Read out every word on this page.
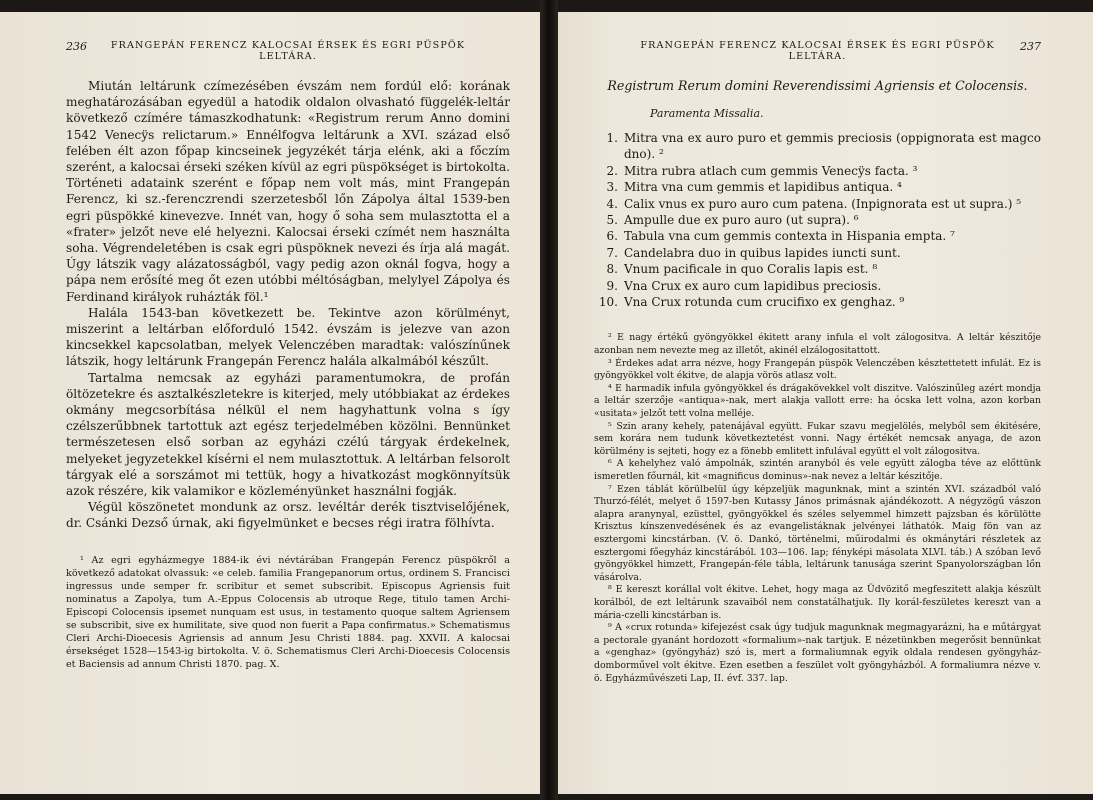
236	FRANGEPÁN FERENCZ KALOCSAI ÉRSEK ÉS EGRI PÜSPÖK LELTÁRA.

Miután leltárunk czímezésében évszám nem fordúl elő: korának meghatározásában egyedül a hatodik oldalon olvasható függelék-leltár következő czímére támaszkodhatunk: «Registrum rerum Anno domini 1542 Venecÿs relictarum.» Ennélfogva leltárunk a XVI. század első felében élt azon főpap kincseinek jegyzékét tárja elénk, aki a főczím szerént, a kalocsai érseki széken kívül az egri püspökséget is birtokolta. Történeti adataink szerént e főpap nem volt más, mint Frangepán Ferencz, ki sz.-ferenczrendi szerzetesből lőn Zápolya által 1539-ben egri püspökké kinevezve. Innét van, hogy ő soha sem mulasztotta el a «frater» jelzőt neve elé helyezni. Kalocsai érseki czímét nem használta soha. Végrendeletében is csak egri püspöknek nevezi és írja alá magát. Úgy látszik vagy alázatosságból, vagy pedig azon oknál fogva, hogy a pápa nem erősíté meg őt ezen utóbbi méltóságban, melylyel Zápolya és Ferdinand királyok ruházták föl.¹

Halála 1543-ban következett be. Tekintve azon körülményt, miszerint a leltárban előforduló 1542. évszám is jelezve van azon kincsekkel kapcsolatban, melyek Velenczében maradtak: valószínűnek látszik, hogy leltárunk Frangepán Ferencz halála alkalmából készűlt.

Tartalma nemcsak az egyházi paramentumokra, de profán öltözetekre és asztalkészletekre is kiterjed, mely utóbbiakat az érdekes okmány megcsorbítása nélkül el nem hagyhattunk volna s így czélszerűbbnek tartottuk azt egész terjedelmében közölni. Bennünket természetesen első sorban az egyházi czélú tárgyak érdekelnek, melyeket jegyzetekkel kísérni el nem mulasztottuk. A leltárban felsorolt tárgyak elé a sorszámot mi tettük, hogy a hivatkozást mogkönnyítsük azok részére, kik valamikor e közleményünket használni fogják.

Végül köszönetet mondunk az orsz. levéltár derék tisztviselőjének, dr. Csánki Dezső úrnak, aki figyelmünket e becses régi iratra fölhívta.

¹ Az egri egyházmegye 1884-ik évi névtárában Frangepán Ferencz püspökről a következő adatokat olvassuk: «e celeb. familia Frangepanorum ortus, ordinem S. Francisci ingressus unde semper fr. scribitur et semet subscribit. Episcopus Agriensis fuit nominatus a Zapolya, tum A.-Eppus Colocensis ab utroque Rege, titulo tamen Archi-Episcopi Colocensis ipsemet nunquam est usus, in testamento quoque saltem Agriensem se subscribit, sive ex humilitate, sive quod non fuerit a Papa confirmatus.» Schematismus Cleri Archi-Dioecesis Agriensis ad annum Jesu Christi 1884. pag. XXVII. A kalocsai érsekséget 1528—1543-ig birtokolta. V. ö. Schematismus Cleri Archi-Dioecesis Colocensis et Baciensis ad annum Christi 1870. pag. X.

FRANGEPÁN FERENCZ KALOCSAI ÉRSEK ÉS EGRI PÜSPÖK LELTÁRA.
237
Registrum Rerum domini Reverendissimi Agriensis et Colocensis.
Paramenta Missalia.
1. Mitra vna ex auro puro et gemmis preciosis (oppignorata est magco dno). ²
2. Mitra rubra atlach cum gemmis Venecÿs facta. ³
3. Mitra vna cum gemmis et lapidibus antiqua. ⁴
4. Calix vnus ex puro auro cum patena. (Inpignorata est ut supra.) ⁵
5. Ampulle due ex puro auro (ut supra). ⁶
6. Tabula vna cum gemmis contexta in Hispania empta. ⁷
7. Candelabra duo in quibus lapides iuncti sunt.
8. Vnum pacificale in quo Coralis lapis est. ⁸
9. Vna Crux ex auro cum lapidibus preciosis.
10. Vna Crux rotunda cum crucifixo ex genghaz. ⁹

² E nagy értékű gyöngyökkel ékitett arany infula el volt zálogositva. A leltár készitője azonban nem nevezte meg az illetőt, akinél elzálogositattott.

³ Érdekes adat arra nézve, hogy Frangepán püspök Velenczében késztettetett infulát. Ez is gyöngyökkel volt ékitve, de alapja vörös atlasz volt.

⁴ E harmadik infula gyöngyökkel és drágakövekkel volt diszitve. Valószinűleg azért mondja a leltár szerzője «antiqua»-nak, mert alakja vallott erre: ha ócska lett volna, azon korban «usitata» jelzőt tett volna melléje.

⁵ Szin arany kehely, patenájával együtt. Fukar szavu megjelölés, melyből sem ékitésére, sem korára nem tudunk következtetést vonni. Nagy értékét nemcsak anyaga, de azon körülmény is sejteti, hogy ez a fönebb emlitett infulával együtt el volt zálogositva.

⁶ A kehelyhez való ámpolnák, szintén aranyból és vele együtt zálogba téve az előttünk ismeretlen főurnál, kit «magnificus dominus»-nak nevez a leltár készitője.

⁷ Ezen táblát körülbelül úgy képzeljük magunknak, mint a szintén XVI. századból való Thurzó-félét, melyet ő 1597-ben Kutassy János primásnak ajándékozott. A négyzögű vászon alapra aranynyal, ezüsttel, gyöngyökkel és széles selyemmel himzett pajzsban és körülötte Krisztus kínszenvedésének és az evangelistáknak jelvényei láthatók. Maig fön van az esztergomi kincstárban. (V. ö. Dankó, történelmi, műirodalmi és okmánytári részletek az esztergomi főegyház kincstárából. 103—106. lap; fényképi másolata XLVI. táb.) A szóban levő gyöngyökkel himzett, Frangepán-féle tábla, leltárunk tanusága szerint Spanyolországban lőn vásárolva.

⁸ E kereszt korállal volt ékitve. Lehet, hogy maga az Üdvözitő megfeszitett alakja készült korálból, de ezt leltárunk szavaiból nem constatálhatjuk. Ily korál-feszületes kereszt van a mária-czelli kincstárban is.

⁹ A «crux rotunda» kifejezést csak úgy tudjuk magunknak megmagyarázni, ha e műtárgyat a pectorale gyanánt hordozott «formalium»-nak tartjuk. E nézetünkben megerősit bennünkat a «genghaz» (gyöngyház) szó is, mert a formaliumnak egyik oldala rendesen gyöngyház-domborművel volt ékitve. Ezen esetben a feszület volt gyöngyházból. A formaliumra nézve v. ö. Egyházművészeti Lap, II. évf. 337. lap.
